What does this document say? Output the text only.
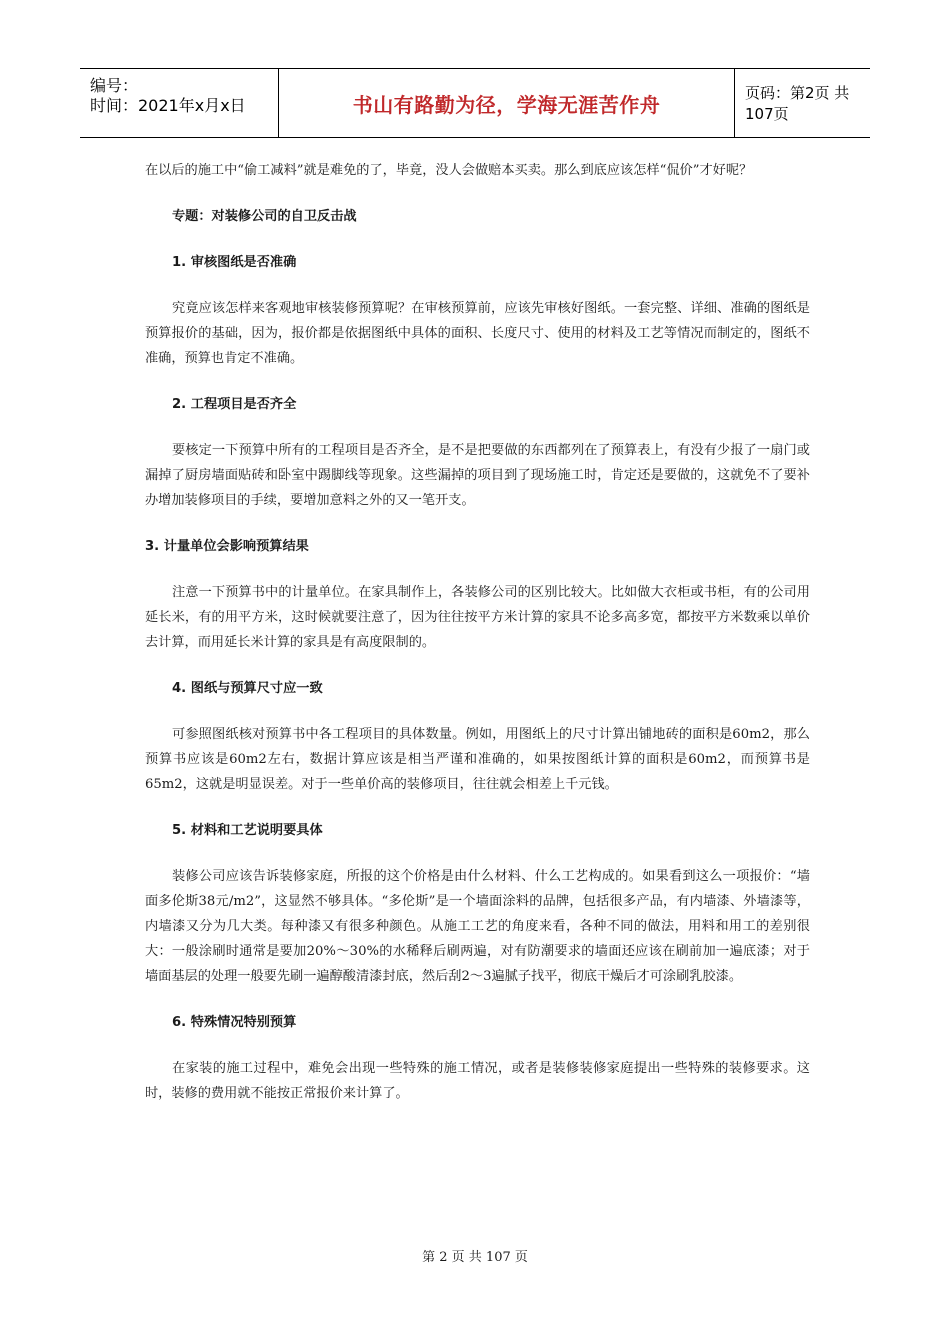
编号：
时间：2021年x月x日	书山有路勤为径，学海无涯苦作舟	页码：第2页 共107页

在以后的施工中“偷工减料”就是难免的了，毕竟，没人会做赔本买卖。那么到底应该怎样“侃价”才好呢？

专题：对装修公司的自卫反击战

1. 审核图纸是否准确

究竟应该怎样来客观地审核装修预算呢？在审核预算前，应该先审核好图纸。一套完整、详细、准确的图纸是预算报价的基础，因为，报价都是依据图纸中具体的面积、长度尺寸、使用的材料及工艺等情况而制定的，图纸不准确，预算也肯定不准确。

2. 工程项目是否齐全

要核定一下预算中所有的工程项目是否齐全，是不是把要做的东西都列在了预算表上，有没有少报了一扇门或漏掉了厨房墙面贴砖和卧室中踢脚线等现象。这些漏掉的项目到了现场施工时，肯定还是要做的，这就免不了要补办增加装修项目的手续，要增加意料之外的又一笔开支。

3. 计量单位会影响预算结果

注意一下预算书中的计量单位。在家具制作上，各装修公司的区别比较大。比如做大衣柜或书柜，有的公司用延长米，有的用平方米，这时候就要注意了，因为往往按平方米计算的家具不论多高多宽，都按平方米数乘以单价去计算，而用延长米计算的家具是有高度限制的。

4. 图纸与预算尺寸应一致

可参照图纸核对预算书中各工程项目的具体数量。例如，用图纸上的尺寸计算出铺地砖的面积是60m2，那么预算书应该是60m2左右，数据计算应该是相当严谨和准确的，如果按图纸计算的面积是60m2，而预算书是65m2，这就是明显误差。对于一些单价高的装修项目，往往就会相差上千元钱。

5. 材料和工艺说明要具体

装修公司应该告诉装修家庭，所报的这个价格是由什么材料、什么工艺构成的。如果看到这么一项报价：“墙面多伦斯38元/m2”，这显然不够具体。“多伦斯”是一个墙面涂料的品牌，包括很多产品，有内墙漆、外墙漆等，内墙漆又分为几大类。每种漆又有很多种颜色。从施工工艺的角度来看，各种不同的做法，用料和用工的差别很大：一般涂刷时通常是要加20%～30%的水稀释后刷两遍，对有防潮要求的墙面还应该在刷前加一遍底漆；对于墙面基层的处理一般要先刷一遍醇酸清漆封底，然后刮2～3遍腻子找平，彻底干燥后才可涂刷乳胶漆。

6. 特殊情况特别预算

在家装的施工过程中，难免会出现一些特殊的施工情况，或者是装修装修家庭提出一些特殊的装修要求。这时，装修的费用就不能按正常报价来计算了。

第 2 页 共 107 页
